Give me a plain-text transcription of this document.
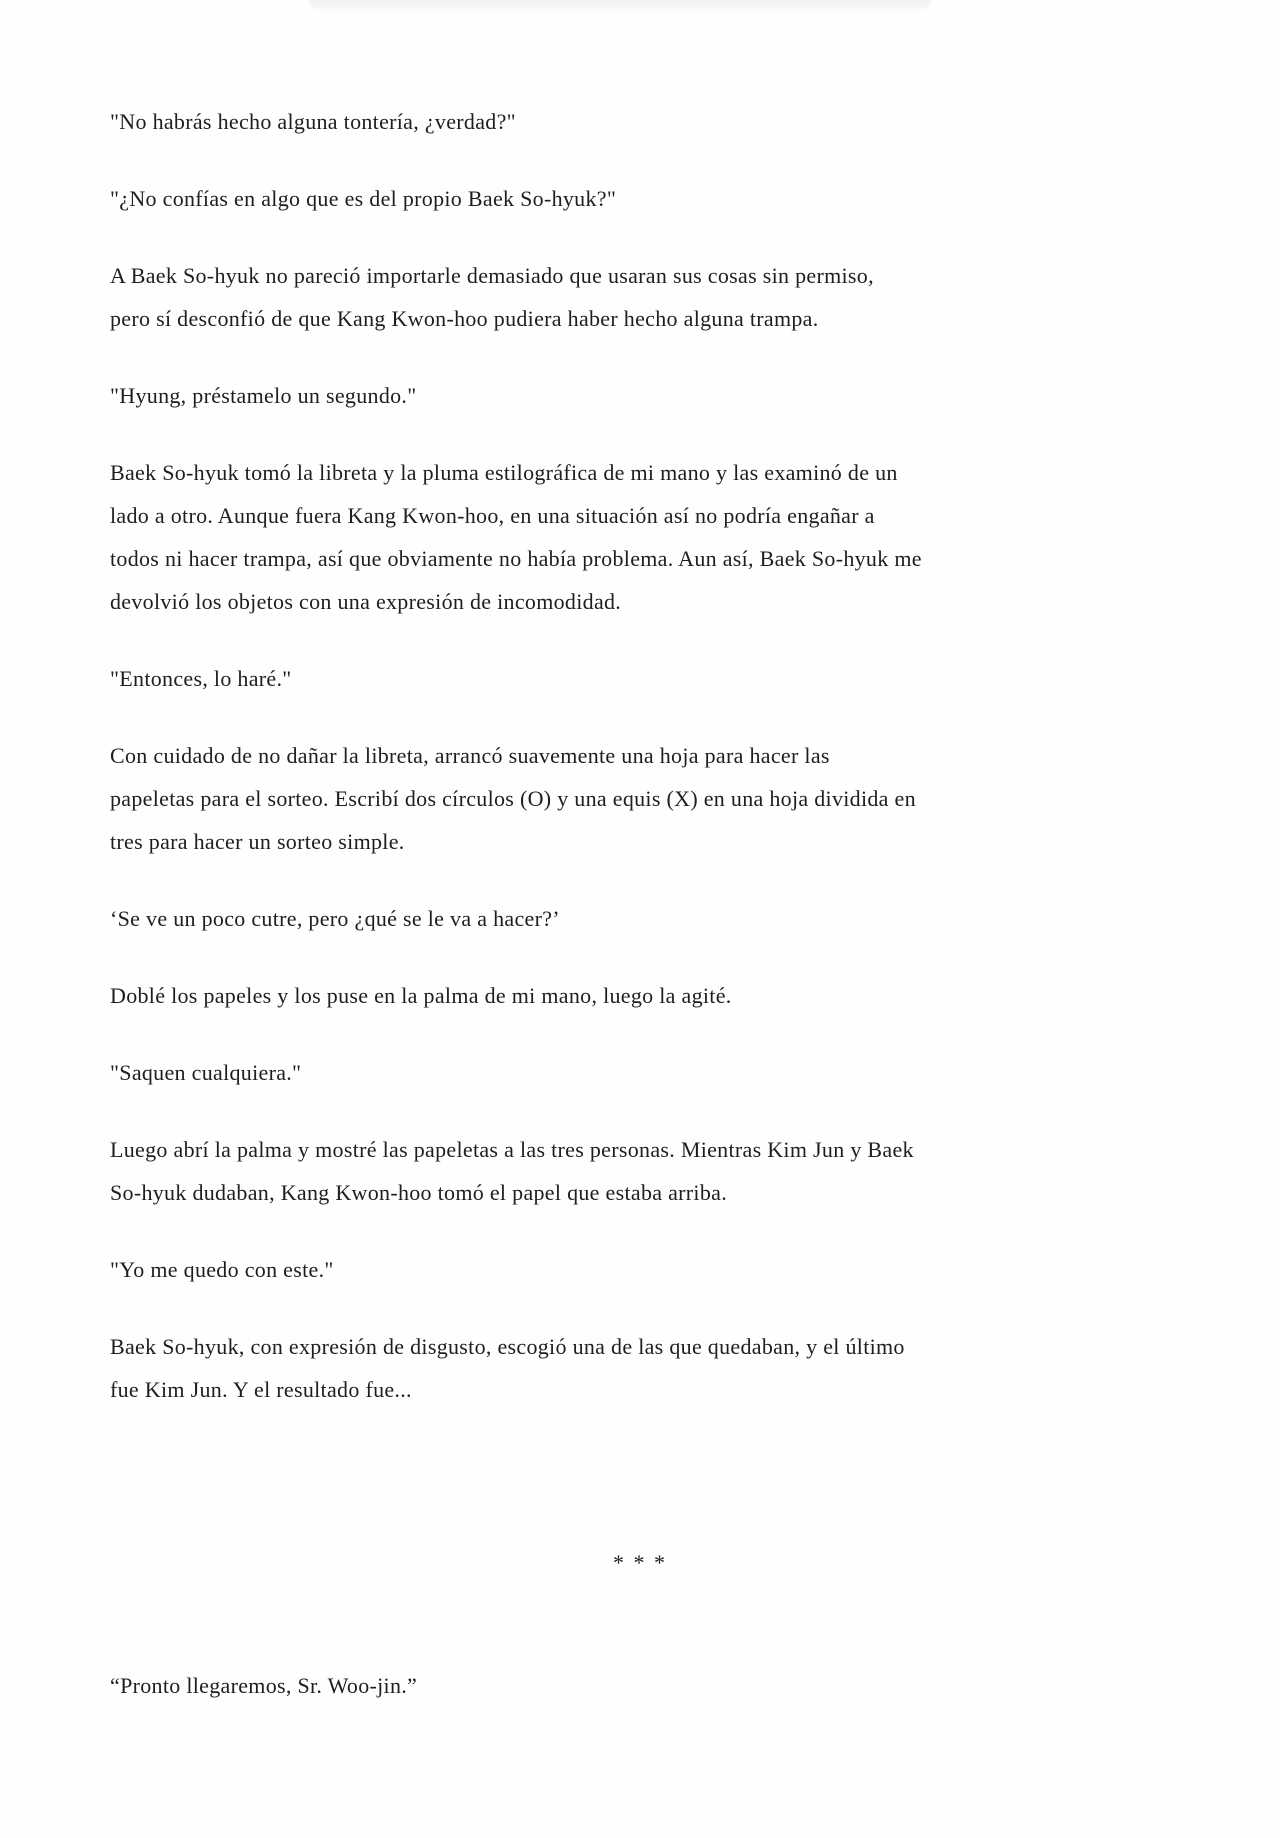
"No habrás hecho alguna tontería, ¿verdad?"

"¿No confías en algo que es del propio Baek So-hyuk?"

A Baek So-hyuk no pareció importarle demasiado que usaran sus cosas sin permiso,
pero sí desconfió de que Kang Kwon-hoo pudiera haber hecho alguna trampa.

"Hyung, préstamelo un segundo."

Baek So-hyuk tomó la libreta y la pluma estilográfica de mi mano y las examinó de un
lado a otro. Aunque fuera Kang Kwon-hoo, en una situación así no podría engañar a
todos ni hacer trampa, así que obviamente no había problema. Aun así, Baek So-hyuk me
devolvió los objetos con una expresión de incomodidad.

"Entonces, lo haré."

Con cuidado de no dañar la libreta, arrancó suavemente una hoja para hacer las
papeletas para el sorteo. Escribí dos círculos (O) y una equis (X) en una hoja dividida en
tres para hacer un sorteo simple.

‘Se ve un poco cutre, pero ¿qué se le va a hacer?’

Doblé los papeles y los puse en la palma de mi mano, luego la agité.

"Saquen cualquiera."

Luego abrí la palma y mostré las papeletas a las tres personas. Mientras Kim Jun y Baek
So-hyuk dudaban, Kang Kwon-hoo tomó el papel que estaba arriba.

"Yo me quedo con este."

Baek So-hyuk, con expresión de disgusto, escogió una de las que quedaban, y el último
fue Kim Jun. Y el resultado fue...

* * *

“Pronto llegaremos, Sr. Woo-jin.”
